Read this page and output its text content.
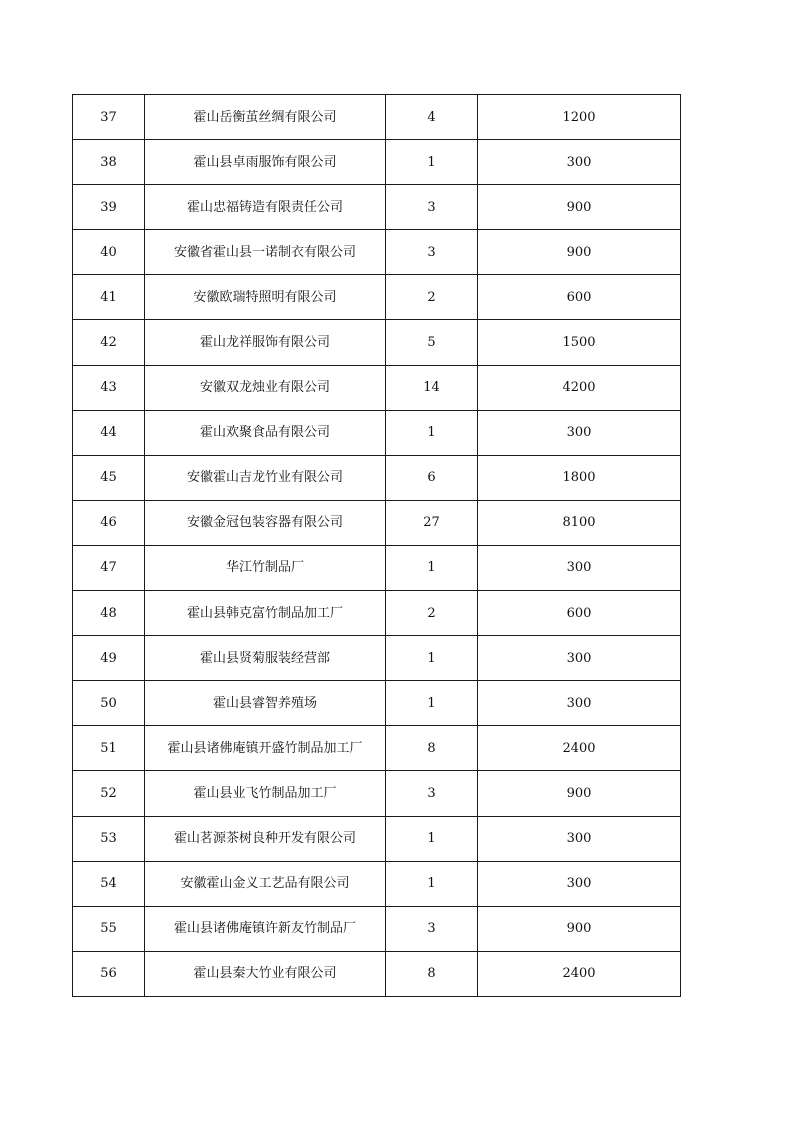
37	霍山岳衡茧丝绸有限公司	4	1200
38	霍山县卓雨服饰有限公司	1	300
39	霍山忠福铸造有限责任公司	3	900
40	安徽省霍山县一诺制衣有限公司	3	900
41	安徽欧瑞特照明有限公司	2	600
42	霍山龙祥服饰有限公司	5	1500
43	安徽双龙烛业有限公司	14	4200
44	霍山欢聚食品有限公司	1	300
45	安徽霍山吉龙竹业有限公司	6	1800
46	安徽金冠包装容器有限公司	27	8100
47	华江竹制品厂	1	300
48	霍山县韩克富竹制品加工厂	2	600
49	霍山县贤菊服装经营部	1	300
50	霍山县睿智养殖场	1	300
51	霍山县诸佛庵镇开盛竹制品加工厂	8	2400
52	霍山县业飞竹制品加工厂	3	900
53	霍山茗源茶树良种开发有限公司	1	300
54	安徽霍山金义工艺品有限公司	1	300
55	霍山县诸佛庵镇许新友竹制品厂	3	900
56	霍山县秦大竹业有限公司	8	2400
